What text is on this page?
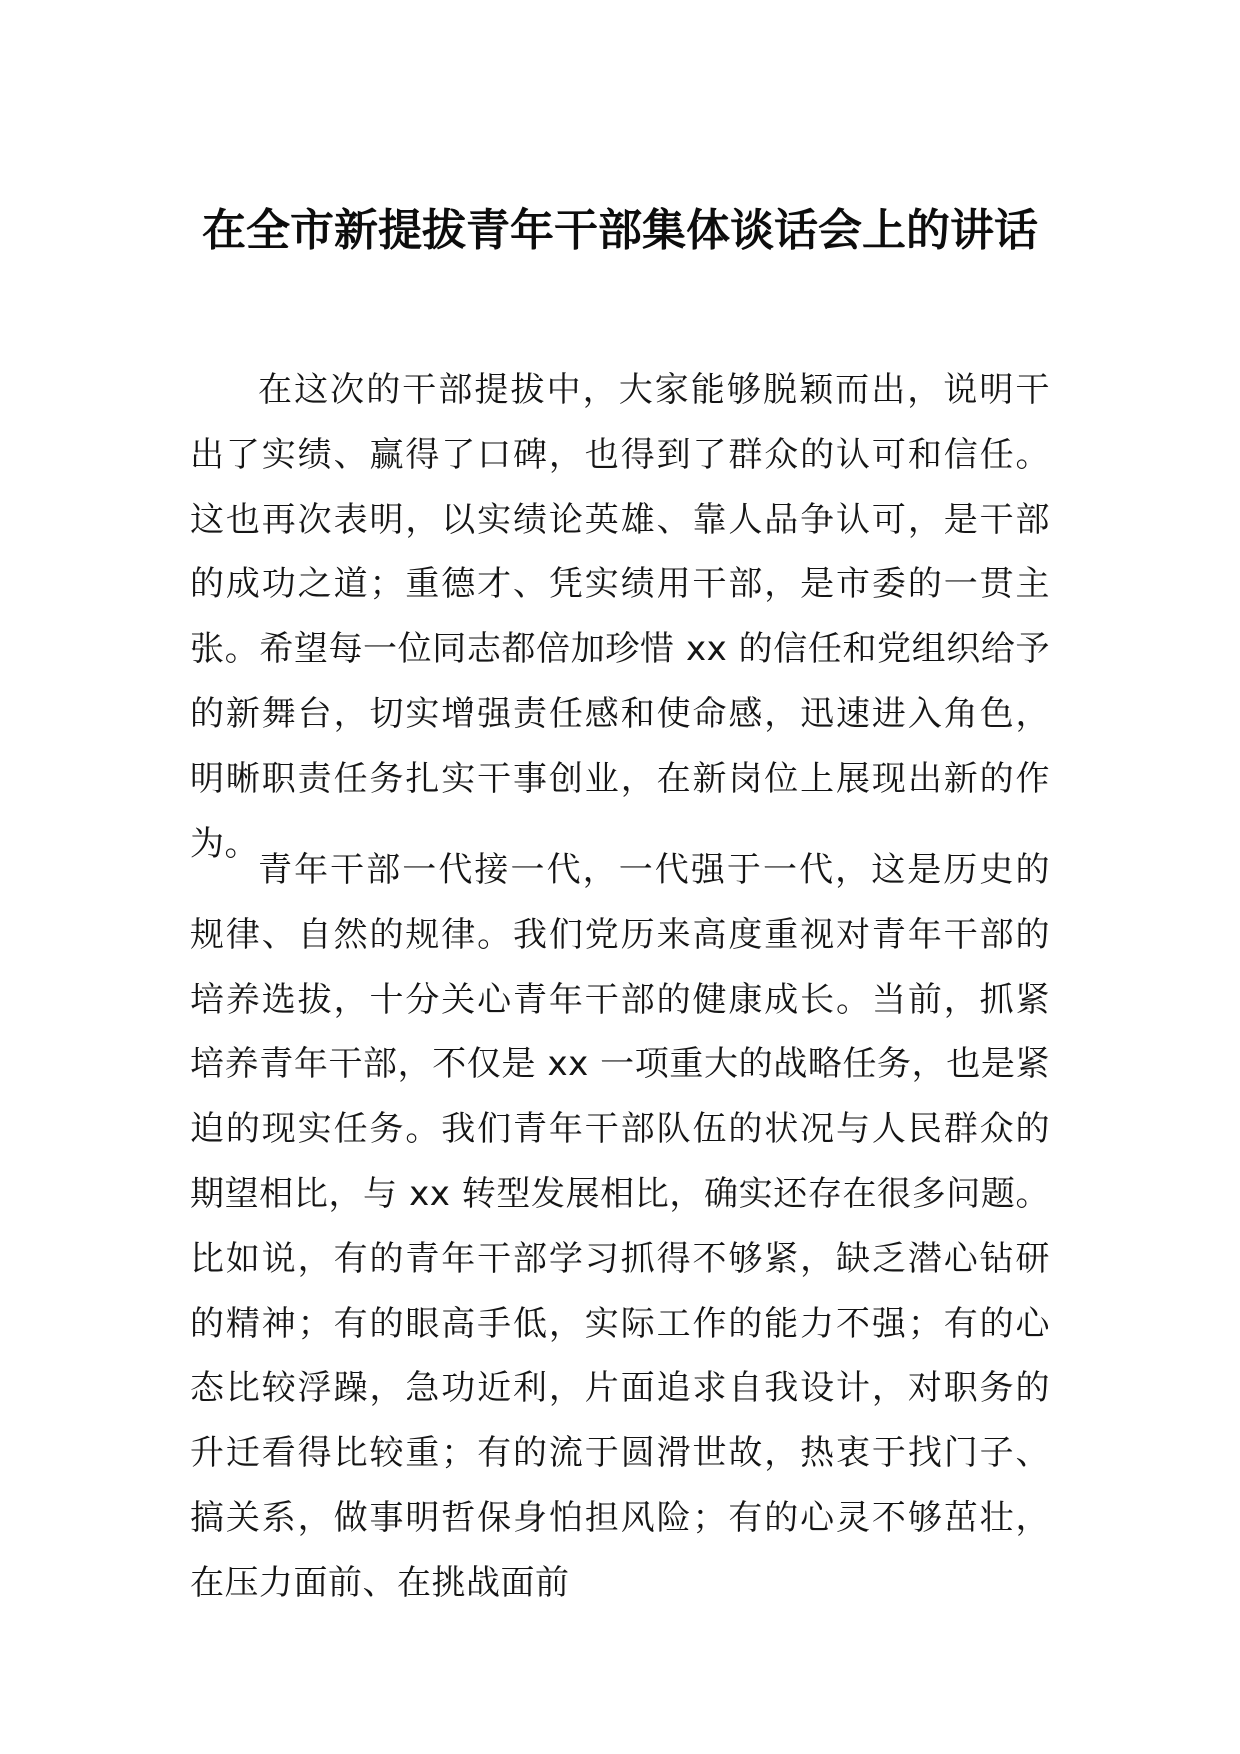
在全市新提拔青年干部集体谈话会上的讲话

在这次的干部提拔中，大家能够脱颖而出，说明干出了实绩、赢得了口碑，也得到了群众的认可和信任。这也再次表明，以实绩论英雄、靠人品争认可，是干部的成功之道；重德才、凭实绩用干部，是市委的一贯主张。希望每一位同志都倍加珍惜 xx 的信任和党组织给予的新舞台，切实增强责任感和使命感，迅速进入角色，明晰职责任务扎实干事创业，在新岗位上展现出新的作为。

青年干部一代接一代，一代强于一代，这是历史的规律、自然的规律。我们党历来高度重视对青年干部的培养选拔，十分关心青年干部的健康成长。当前，抓紧培养青年干部，不仅是 xx 一项重大的战略任务，也是紧迫的现实任务。我们青年干部队伍的状况与人民群众的期望相比，与 xx 转型发展相比，确实还存在很多问题。比如说，有的青年干部学习抓得不够紧，缺乏潜心钻研的精神；有的眼高手低，实际工作的能力不强；有的心态比较浮躁，急功近利，片面追求自我设计，对职务的升迁看得比较重；有的流于圆滑世故，热衷于找门子、搞关系，做事明哲保身怕担风险；有的心灵不够茁壮，在压力面前、在挑战面前
